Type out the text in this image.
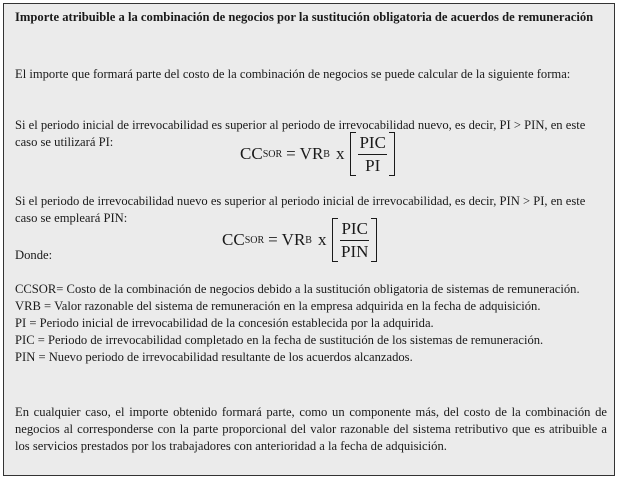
Importe atribuible a la combinación de negocios por la sustitución obligatoria de acuerdos de remuneración
El importe que formará parte del costo de la combinación de negocios se puede calcular de la siguiente forma:
Si el periodo inicial de irrevocabilidad es superior al periodo de irrevocabilidad nuevo, es decir, PI > PIN, en este caso se utilizará PI:
CC SOR = VR B x $\frac{\text{PIC}}{PI}$
Si el periodo de irrevocabilidad nuevo es superior al periodo inicial de irrevocabilidad, es decir, PIN > PI, en este caso se empleará PIN:
CC SOR = VR B x $\frac{\text{PIC}}{\text{PIN}}$
Donde:
CCSOR= Costo de la combinación de negocios debido a la sustitución obligatoria de sistemas de remuneración.
VRB = Valor razonable del sistema de remuneración en la empresa adquirida en la fecha de adquisición.
PI = Periodo inicial de irrevocabilidad de la concesión establecida por la adquirida.
PIC = Periodo de irrevocabilidad completado en la fecha de sustitución de los sistemas de remuneración.
PIN = Nuevo periodo de irrevocabilidad resultante de los acuerdos alcanzados.
En cualquier caso, el importe obtenido formará parte, como un componente más, del costo de la combinación de negocios al corresponderse con la parte proporcional del valor razonable del sistema retributivo que es atribuible a los servicios prestados por los trabajadores con anterioridad a la fecha de adquisición.
